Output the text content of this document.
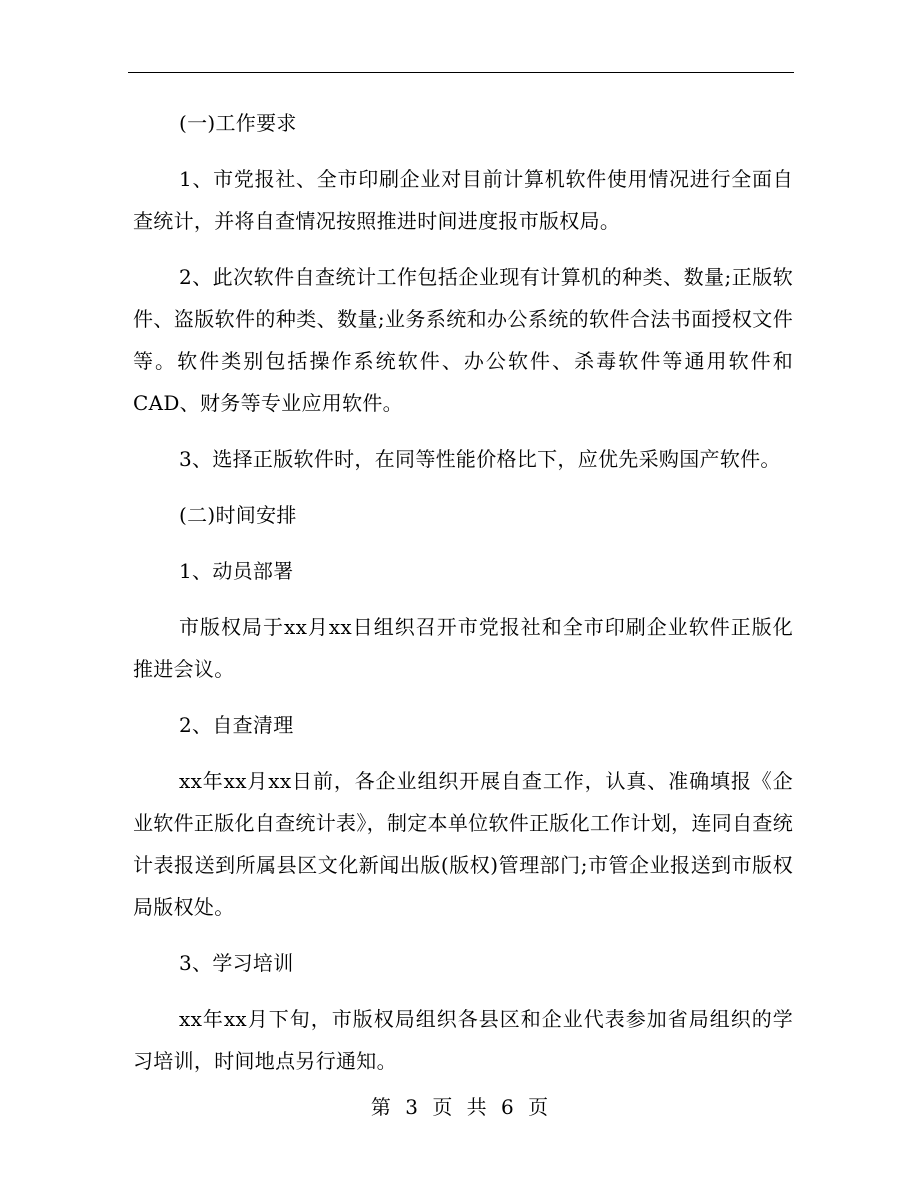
(一)工作要求

1、市党报社、全市印刷企业对目前计算机软件使用情况进行全面自查统计，并将自查情况按照推进时间进度报市版权局。

2、此次软件自查统计工作包括企业现有计算机的种类、数量;正版软件、盗版软件的种类、数量;业务系统和办公系统的软件合法书面授权文件等。软件类别包括操作系统软件、办公软件、杀毒软件等通用软件和CAD、财务等专业应用软件。

3、选择正版软件时，在同等性能价格比下，应优先采购国产软件。

(二)时间安排

1、动员部署

市版权局于xx月xx日组织召开市党报社和全市印刷企业软件正版化推进会议。

2、自查清理

xx年xx月xx日前，各企业组织开展自查工作，认真、准确填报《企业软件正版化自查统计表》，制定本单位软件正版化工作计划，连同自查统计表报送到所属县区文化新闻出版(版权)管理部门;市管企业报送到市版权局版权处。

3、学习培训

xx年xx月下旬，市版权局组织各县区和企业代表参加省局组织的学习培训，时间地点另行通知。

第 3 页 共 6 页
